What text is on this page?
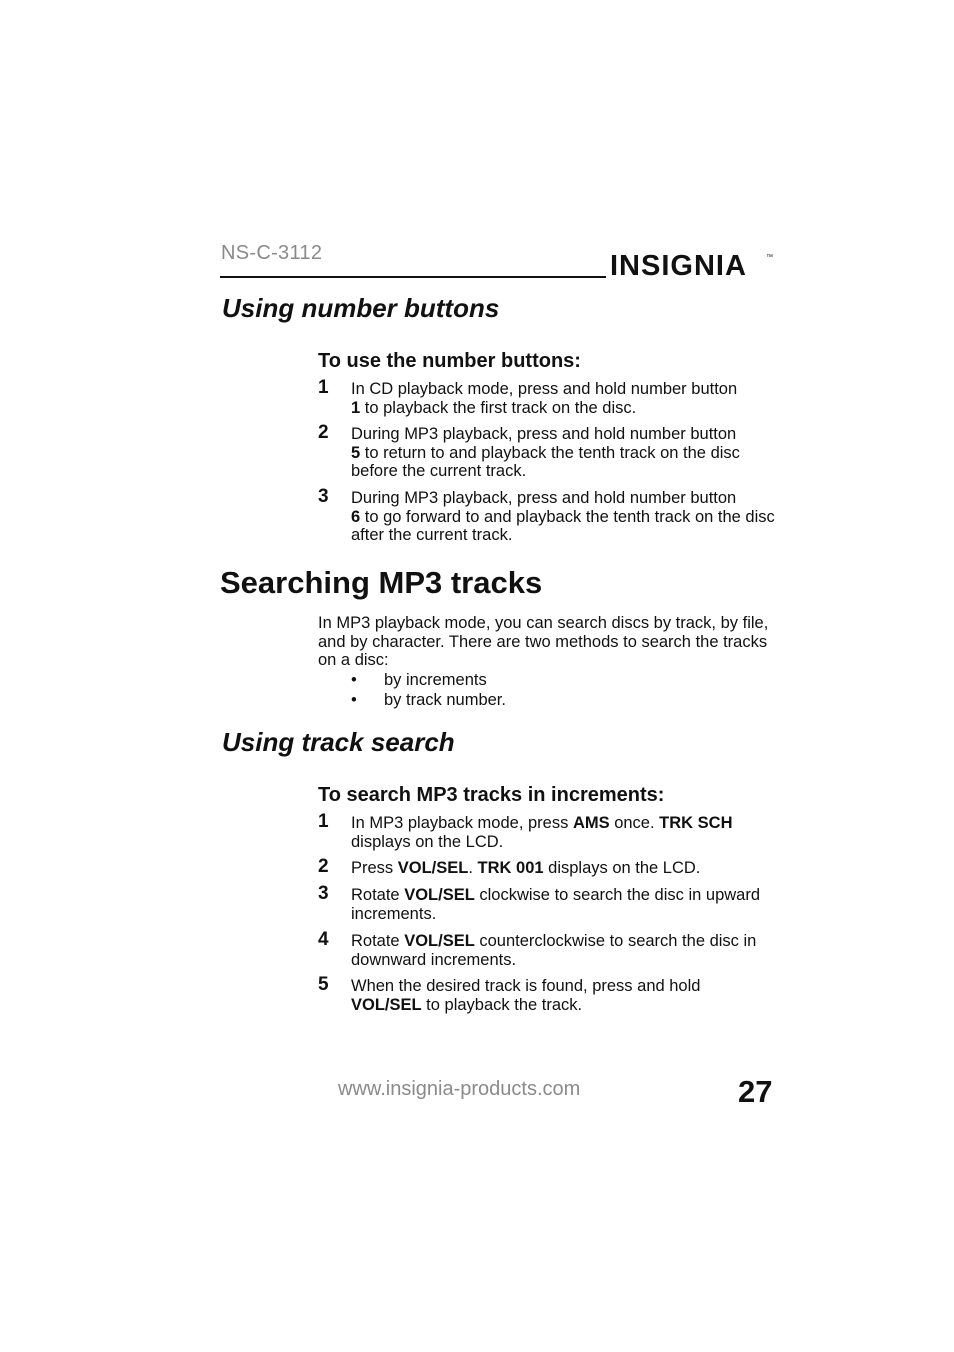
NS-C-3112	INSIGNIA	™
Using number buttons
To use the number buttons:
1	In CD playback mode, press and hold number button
1 to playback the first track on the disc.
2	During MP3 playback, press and hold number button
5 to return to and playback the tenth track on the disc before the current track.
3	During MP3 playback, press and hold number button
6 to go forward to and playback the tenth track on the disc after the current track.
Searching MP3 tracks
In MP3 playback mode, you can search discs by track, by file, and by character. There are two methods to search the tracks on a disc:
• by increments
• by track number.
Using track search
To search MP3 tracks in increments:
1	In MP3 playback mode, press AMS once. TRK SCH displays on the LCD.
2	Press VOL/SEL. TRK 001 displays on the LCD.
3	Rotate VOL/SEL clockwise to search the disc in upward increments.
4	Rotate VOL/SEL counterclockwise to search the disc in downward increments.
5	When the desired track is found, press and hold
VOL/SEL to playback the track.
www.insignia-products.com	27
